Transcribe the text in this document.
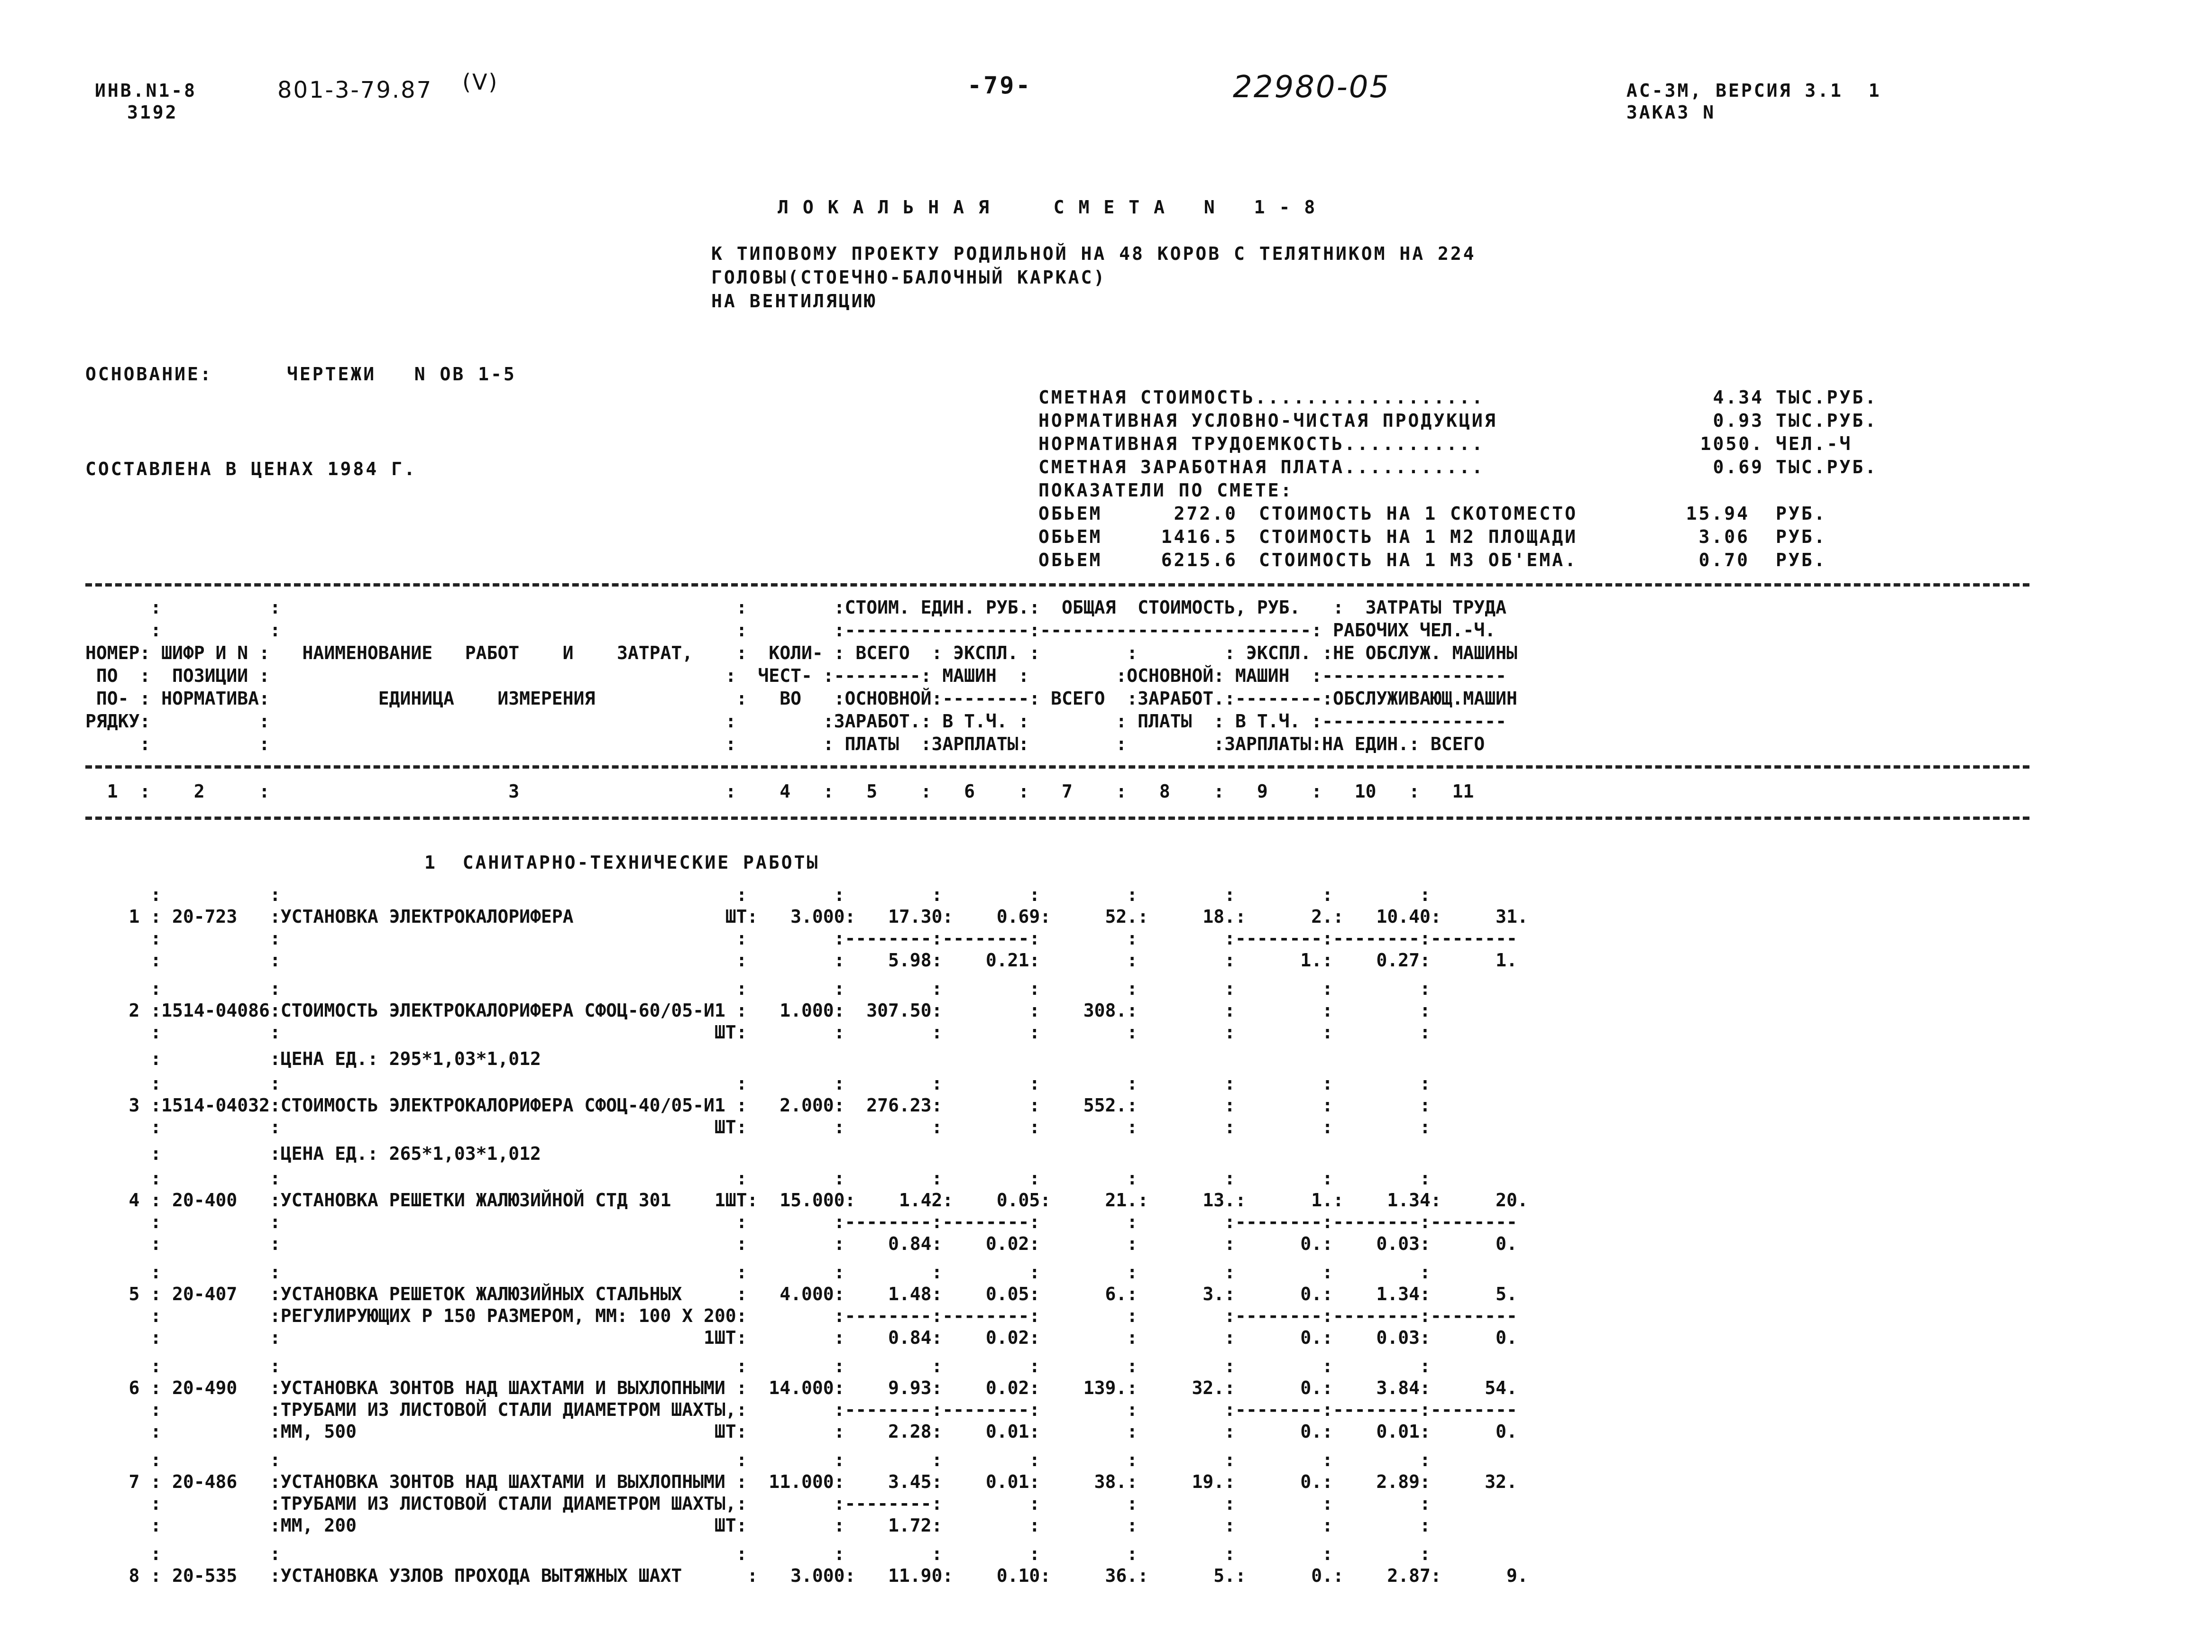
ИНВ.N1-8
3192
801-3-79.87 (V)	-79-	22980-05	АС-3М, ВЕРСИЯ 3.1  1
ЗАКАЗ N
ЛОКАЛЬНАЯ  СМЕТА N 1-8
К ТИПОВОМУ ПРОЕКТУ РОДИЛЬНОЙ НА 48 КОРОВ С ТЕЛЯТНИКОМ НА 224
ГОЛОВЫ(СТОЕЧНО-БАЛОЧНЫЙ КАРКАС)
НА ВЕНТИЛЯЦИЮ
ОСНОВАНИЕ:	ЧЕРТЕЖИ   N ОВ 1-5
СОСТАВЛЕНА В ЦЕНАХ 1984 Г.
СМЕТНАЯ СТОИМОСТЬ..................	4.34 ТЫС.РУБ.
НОРМАТИВНАЯ УСЛОВНО-ЧИСТАЯ ПРОДУКЦИЯ	0.93 ТЫС.РУБ.
НОРМАТИВНАЯ ТРУДОЕМКОСТЬ...........	1050. ЧЕЛ.-Ч
СМЕТНАЯ ЗАРАБОТНАЯ ПЛАТА...........	0.69 ТЫС.РУБ.
ПОКАЗАТЕЛИ ПО СМЕТЕ:
ОБЬЕМ	272.0 СТОИМОСТЬ НА 1 СКОТОМЕСТО	15.94 РУБ.
ОБЬЕМ	1416.5 СТОИМОСТЬ НА 1 М2 ПЛОЩАДИ	3.06 РУБ.
ОБЬЕМ	6215.6 СТОИМОСТЬ НА 1 М3 ОБ'ЕМА.	0.70 РУБ.
:          :                                          :        :СТОИМ. ЕДИН. РУБ.:  ОБЩАЯ  СТОИМОСТЬ, РУБ.   :  ЗАТРАТЫ ТРУДА
:          :                                          :        :-----------------:-------------------------: РАБОЧИХ ЧЕЛ.-Ч.
НОМЕР: ШИФР И N :   НАИМЕНОВАНИЕ   РАБОТ    И    ЗАТРАТ,    :  КОЛИ- : ВСЕГО  : ЭКСПЛ. :        :        : ЭКСПЛ. :НЕ ОБСЛУЖ. МАШИНЫ
ПО  :  ПОЗИЦИИ :                                          :  ЧЕСТ- :--------: МАШИН  :        :ОСНОВНОЙ: МАШИН  :-----------------
ПО- : НОРМАТИВА:          ЕДИНИЦА    ИЗМЕРЕНИЯ             :   ВО   :ОСНОВНОЙ:--------: ВСЕГО  :ЗАРАБОТ.:--------:ОБСЛУЖИВАЮЩ.МАШИН
РЯДКУ:          :                                          :        :ЗАРАБОТ.: В Т.Ч. :        : ПЛАТЫ  : В Т.Ч. :-----------------
:          :                                          :        : ПЛАТЫ  :ЗАРПЛАТЫ:        :        :ЗАРПЛАТЫ:НА ЕДИН.: ВСЕГО
1  :    2     :                      3                   :    4   :   5    :   6    :   7    :   8    :   9    :   10   :   11
1  САНИТАРНО-ТЕХНИЧЕСКИЕ РАБОТЫ
:          :                                          :        :        :        :        :        :        :        :
1 : 20-723   :УСТАНОВКА ЭЛЕКТРОКАЛОРИФЕРА              ШТ:   3.000:   17.30:    0.69:     52.:     18.:      2.:   10.40:     31.
:          :                                          :        :--------:--------:        :        :--------:--------:--------
:          :                                          :        :    5.98:    0.21:        :        :      1.:    0.27:      1.
:          :                                          :        :        :        :        :        :        :        :
2 :1514-04086:СТОИМОСТЬ ЭЛЕКТРОКАЛОРИФЕРА СФОЦ-60/05-И1 :   1.000:  307.50:        :    308.:        :        :        :
:          :                                        ШТ:        :        :        :        :        :        :        :
:          :ЦЕНА ЕД.: 295*1,03*1,012
:          :                                          :        :        :        :        :        :        :        :
3 :1514-04032:СТОИМОСТЬ ЭЛЕКТРОКАЛОРИФЕРА СФОЦ-40/05-И1 :   2.000:  276.23:        :    552.:        :        :        :
:          :                                        ШТ:        :        :        :        :        :        :        :
:          :ЦЕНА ЕД.: 265*1,03*1,012
:          :                                          :        :        :        :        :        :        :        :
4 : 20-400   :УСТАНОВКА РЕШЕТКИ ЖАЛЮЗИЙНОЙ СТД 301    1ШТ:  15.000:    1.42:    0.05:     21.:     13.:      1.:    1.34:     20.
:          :                                          :        :--------:--------:        :        :--------:--------:--------
:          :                                          :        :    0.84:    0.02:        :        :      0.:    0.03:      0.
:          :                                          :        :        :        :        :        :        :        :
5 : 20-407   :УСТАНОВКА РЕШЕТОК ЖАЛЮЗИЙНЫХ СТАЛЬНЫХ     :   4.000:    1.48:    0.05:      6.:      3.:      0.:    1.34:      5.
:          :РЕГУЛИРУЮЩИХ Р 150 РАЗМЕРОМ, ММ: 100 Х 200:        :--------:--------:        :        :--------:--------:--------
:          :                                       1ШТ:        :    0.84:    0.02:        :        :      0.:    0.03:      0.
:          :                                          :        :        :        :        :        :        :        :
6 : 20-490   :УСТАНОВКА ЗОНТОВ НАД ШАХТАМИ И ВЫХЛОПНЫМИ :  14.000:    9.93:    0.02:    139.:     32.:      0.:    3.84:     54.
:          :ТРУБАМИ ИЗ ЛИСТОВОЙ СТАЛИ ДИАМЕТРОМ ШАХТЫ,:        :--------:--------:        :        :--------:--------:--------
:          :ММ, 500                                 ШТ:        :    2.28:    0.01:        :        :      0.:    0.01:      0.
:          :                                          :        :        :        :        :        :        :        :
7 : 20-486   :УСТАНОВКА ЗОНТОВ НАД ШАХТАМИ И ВЫХЛОПНЫМИ :  11.000:    3.45:    0.01:     38.:     19.:      0.:    2.89:     32.
:          :ТРУБАМИ ИЗ ЛИСТОВОЙ СТАЛИ ДИАМЕТРОМ ШАХТЫ,:        :--------:        :        :        :        :        :
:          :ММ, 200                                 ШТ:        :    1.72:        :        :        :        :        :
:          :                                          :        :        :        :        :        :        :        :
8 : 20-535   :УСТАНОВКА УЗЛОВ ПРОХОДА ВЫТЯЖНЫХ ШАХТ      :   3.000:   11.90:    0.10:     36.:      5.:      0.:    2.87:      9.
